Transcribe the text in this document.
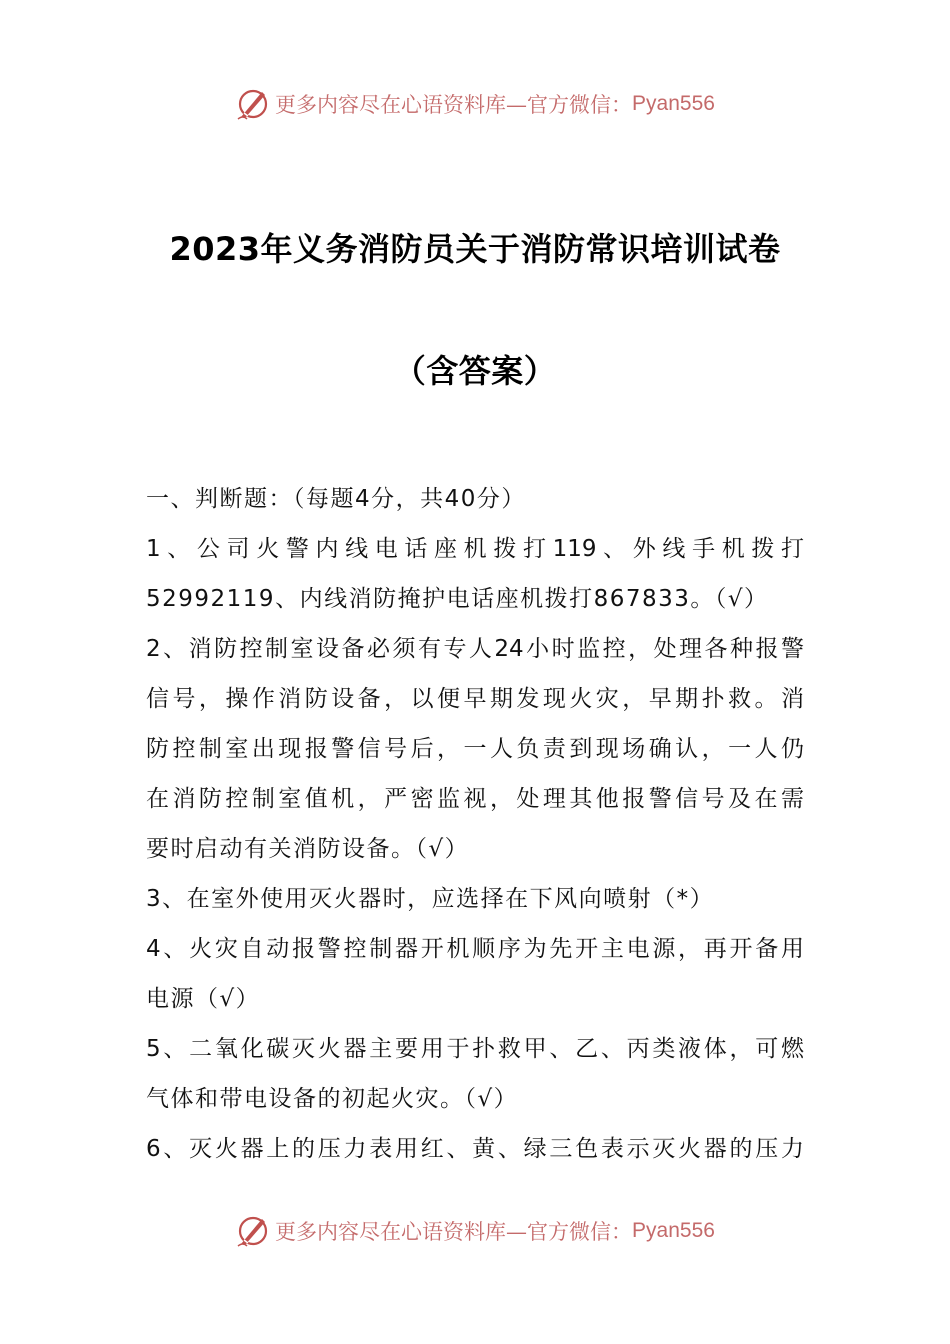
更多内容尽在心语资料库—官方微信： Pyan556
2023年义务消防员关于消防常识培训试卷
（含答案）
一、判断题：（每题4分，共40分）
1、公司火警内线电话座机拨打119、外线手机拨打
52992119、内线消防掩护电话座机拨打867833。（√）
2、消防控制室设备必须有专人24小时监控，处理各种报警
信号，操作消防设备，以便早期发现火灾，早期扑救。消
防控制室出现报警信号后，一人负责到现场确认，一人仍
在消防控制室值机，严密监视，处理其他报警信号及在需
要时启动有关消防设备。（√）
3、在室外使用灭火器时，应选择在下风向喷射（*）
4、火灾自动报警控制器开机顺序为先开主电源，再开备用
电源（√）
5、二氧化碳灭火器主要用于扑救甲、乙、丙类液体，可燃
气体和带电设备的初起火灾。（√）
6、灭火器上的压力表用红、黄、绿三色表示灭火器的压力
更多内容尽在心语资料库—官方微信： Pyan556
